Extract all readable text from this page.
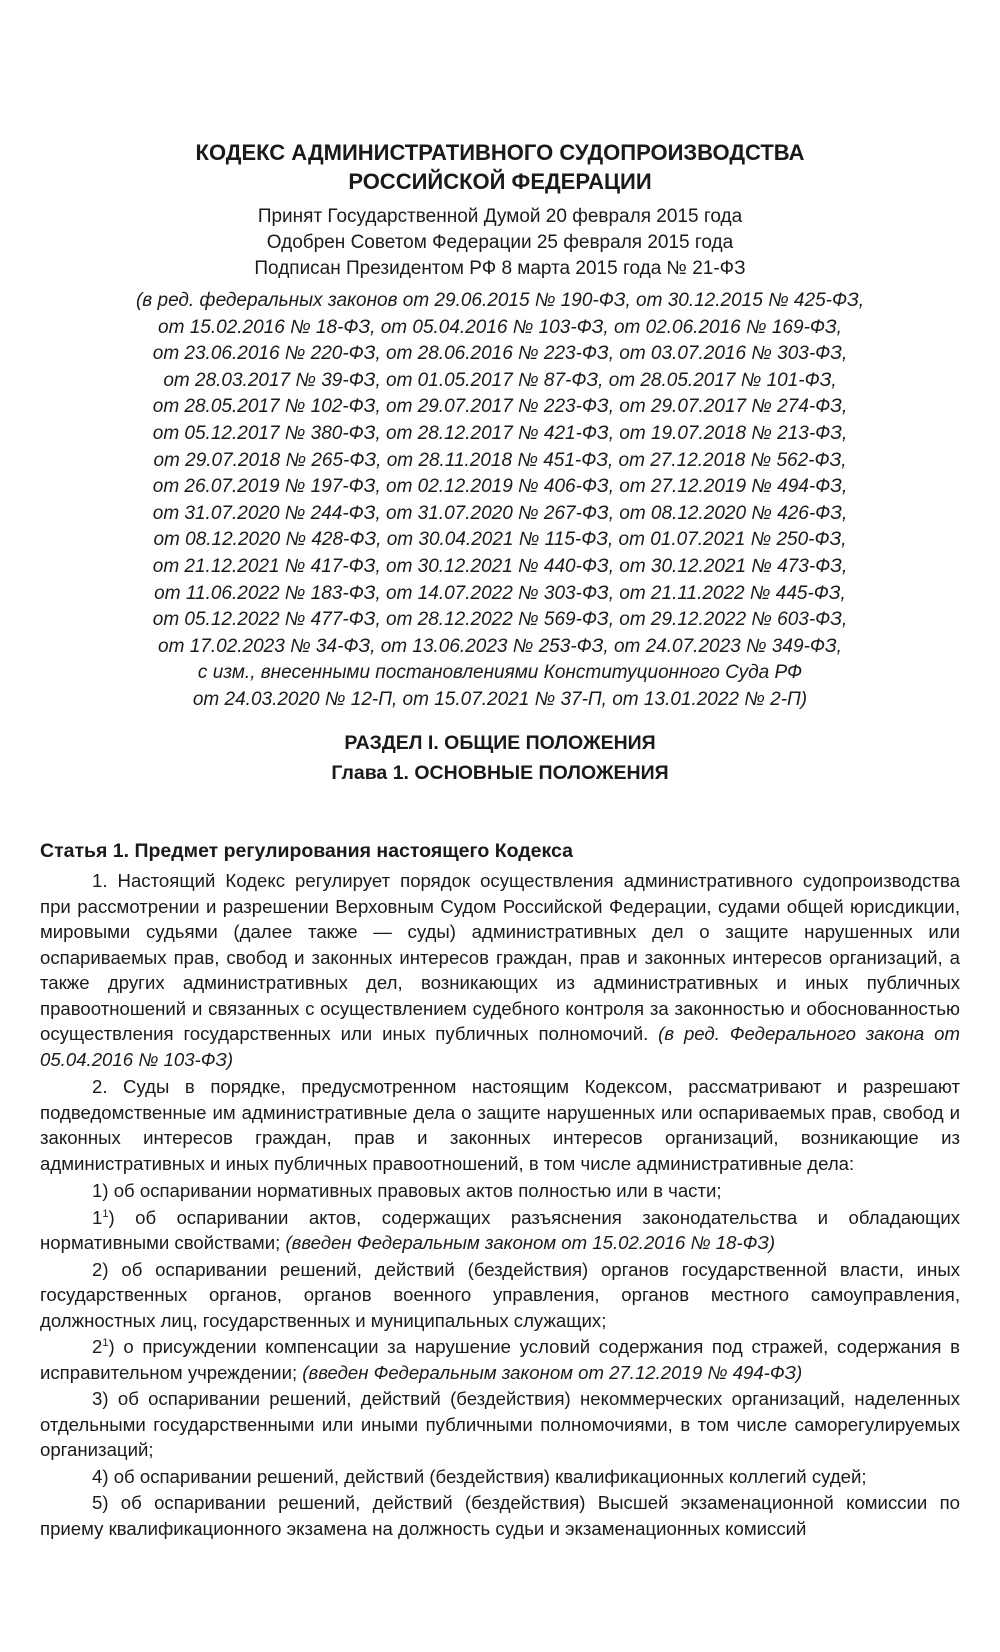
КОДЕКС АДМИНИСТРАТИВНОГО СУДОПРОИЗВОДСТВА
РОССИЙСКОЙ ФЕДЕРАЦИИ
Принят Государственной Думой 20 февраля 2015 года
Одобрен Советом Федерации 25 февраля 2015 года
Подписан Президентом РФ 8 марта 2015 года № 21-ФЗ
(в ред. федеральных законов от 29.06.2015 № 190-ФЗ, от 30.12.2015 № 425-ФЗ,
от 15.02.2016 № 18-ФЗ, от 05.04.2016 № 103-ФЗ, от 02.06.2016 № 169-ФЗ,
от 23.06.2016 № 220-ФЗ, от 28.06.2016 № 223-ФЗ, от 03.07.2016 № 303-ФЗ,
от 28.03.2017 № 39-ФЗ, от 01.05.2017 № 87-ФЗ, от 28.05.2017 № 101-ФЗ,
от 28.05.2017 № 102-ФЗ, от 29.07.2017 № 223-ФЗ, от 29.07.2017 № 274-ФЗ,
от 05.12.2017 № 380-ФЗ, от 28.12.2017 № 421-ФЗ, от 19.07.2018 № 213-ФЗ,
от 29.07.2018 № 265-ФЗ, от 28.11.2018 № 451-ФЗ, от 27.12.2018 № 562-ФЗ,
от 26.07.2019 № 197-ФЗ, от 02.12.2019 № 406-ФЗ, от 27.12.2019 № 494-ФЗ,
от 31.07.2020 № 244-ФЗ, от 31.07.2020 № 267-ФЗ, от 08.12.2020 № 426-ФЗ,
от 08.12.2020 № 428-ФЗ, от 30.04.2021 № 115-ФЗ, от 01.07.2021 № 250-ФЗ,
от 21.12.2021 № 417-ФЗ, от 30.12.2021 № 440-ФЗ, от 30.12.2021 № 473-ФЗ,
от 11.06.2022 № 183-ФЗ, от 14.07.2022 № 303-ФЗ, от 21.11.2022 № 445-ФЗ,
от 05.12.2022 № 477-ФЗ, от 28.12.2022 № 569-ФЗ, от 29.12.2022 № 603-ФЗ,
от 17.02.2023 № 34-ФЗ, от 13.06.2023 № 253-ФЗ, от 24.07.2023 № 349-ФЗ,
с изм., внесенными постановлениями Конституционного Суда РФ
от 24.03.2020 № 12-П, от 15.07.2021 № 37-П, от 13.01.2022 № 2-П)
РАЗДЕЛ I. ОБЩИЕ ПОЛОЖЕНИЯ
Глава 1. ОСНОВНЫЕ ПОЛОЖЕНИЯ
Статья 1. Предмет регулирования настоящего Кодекса

1. Настоящий Кодекс регулирует порядок осуществления административного судопроизводства при рассмотрении и разрешении Верховным Судом Российской Федерации, судами общей юрисдикции, мировыми судьями (далее также — суды) административных дел о защите нарушенных или оспариваемых прав, свобод и законных интересов граждан, прав и законных интересов организаций, а также других административных дел, возникающих из административных и иных публичных правоотношений и связанных с осуществлением судебного контроля за законностью и обоснованностью осуществления государственных или иных публичных полномочий. (в ред. Федерального закона от 05.04.2016 № 103-ФЗ)

2. Суды в порядке, предусмотренном настоящим Кодексом, рассматривают и разрешают подведомственные им административные дела о защите нарушенных или оспариваемых прав, свобод и законных интересов граждан, прав и законных интересов организаций, возникающие из административных и иных публичных правоотношений, в том числе административные дела:

1) об оспаривании нормативных правовых актов полностью или в части;

$1^1$) об оспаривании актов, содержащих разъяснения законодательства и обладающих нормативными свойствами; (введен Федеральным законом от 15.02.2016 № 18-ФЗ)

2) об оспаривании решений, действий (бездействия) органов государственной власти, иных государственных органов, органов военного управления, органов местного самоуправления, должностных лиц, государственных и муниципальных служащих;

$2^1$) о присуждении компенсации за нарушение условий содержания под стражей, содержания в исправительном учреждении; (введен Федеральным законом от 27.12.2019 № 494-ФЗ)

3) об оспаривании решений, действий (бездействия) некоммерческих организаций, наделенных отдельными государственными или иными публичными полномочиями, в том числе саморегулируемых организаций;

4) об оспаривании решений, действий (бездействия) квалификационных коллегий судей;

5) об оспаривании решений, действий (бездействия) Высшей экзаменационной комиссии по приему квалификационного экзамена на должность судьи и экзаменационных комиссий
